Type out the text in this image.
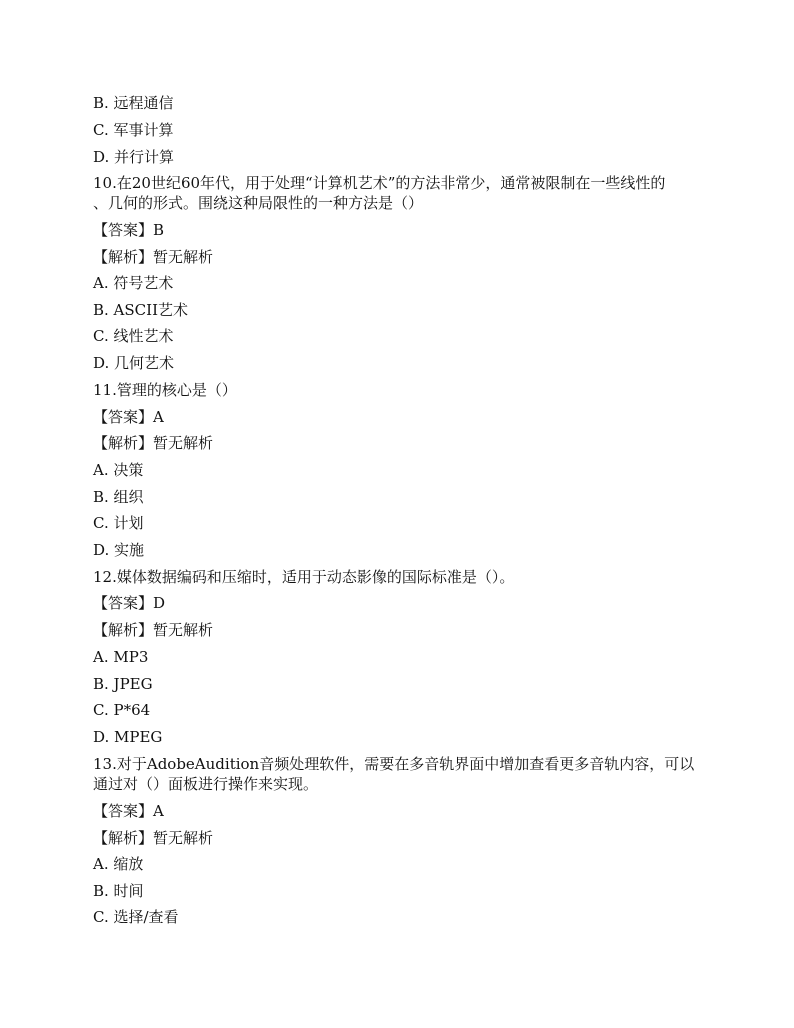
B. 远程通信
C. 军事计算
D. 并行计算
10.在20世纪60年代，用于处理“计算机艺术”的方法非常少，通常被限制在一些线性的
、几何的形式。围绕这种局限性的一种方法是（）
【答案】B
【解析】暂无解析
A. 符号艺术
B. ASCII艺术
C. 线性艺术
D. 几何艺术
11.管理的核心是（）
【答案】A
【解析】暂无解析
A. 决策
B. 组织
C. 计划
D. 实施
12.媒体数据编码和压缩时，适用于动态影像的国际标准是（）。
【答案】D
【解析】暂无解析
A. MP3
B. JPEG
C. P*64
D. MPEG
13.对于AdobeAudition音频处理软件，需要在多音轨界面中增加查看更多音轨内容，可以
通过对（）面板进行操作来实现。
【答案】A
【解析】暂无解析
A. 缩放
B. 时间
C. 选择/查看
